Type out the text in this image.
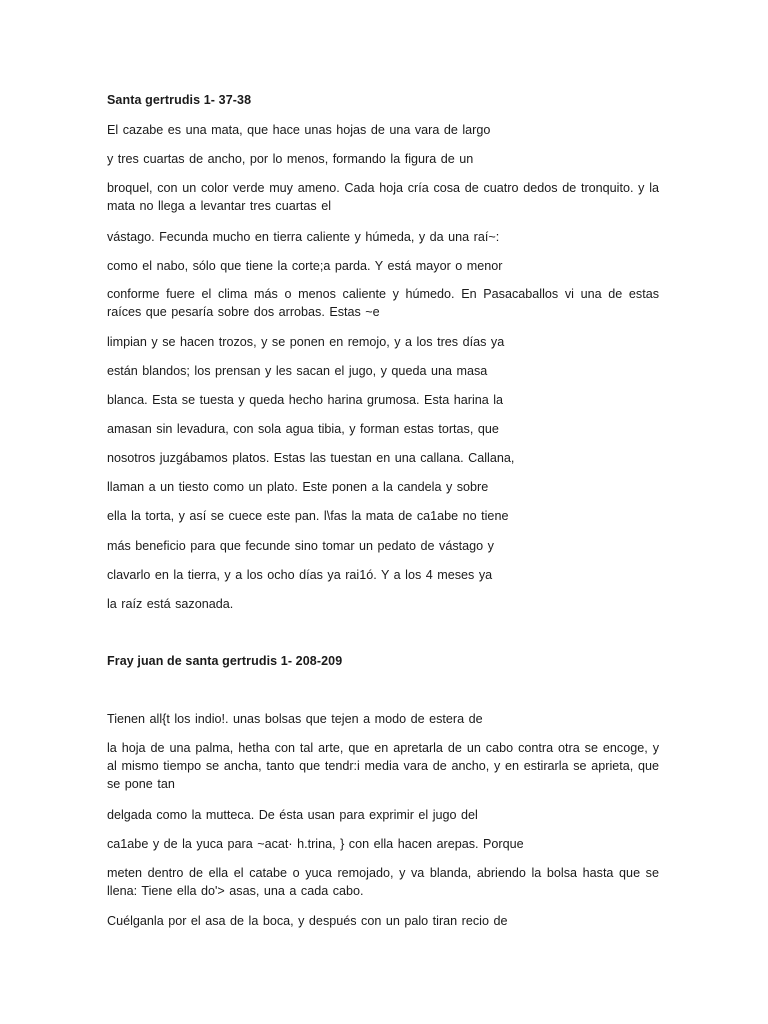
Santa gertrudis 1- 37-38
El cazabe es una mata, que hace unas hojas de una vara de largo
y tres cuartas de ancho, por lo menos, formando la figura de un
broquel, con un color verde muy ameno. Cada hoja cría cosa de cuatro dedos de tronquito. y la mata no llega a levantar tres cuartas el
vástago. Fecunda mucho en tierra caliente y húmeda, y da una raí~:
como el nabo, sólo que tiene la corte;a parda. Y está mayor o menor
conforme fuere el clima más o menos caliente y húmedo. En Pasacaballos vi una de estas raíces que pesaría sobre dos arrobas. Estas ~e
limpian y se hacen trozos, y se ponen en remojo, y a los tres días ya
están blandos; los prensan y les sacan el jugo, y queda una masa
blanca. Esta se tuesta y queda hecho harina grumosa. Esta harina la
amasan sin levadura, con sola agua tibia, y forman estas tortas, que
nosotros juzgábamos platos. Estas las tuestan en una callana. Callana,
llaman a un tiesto como un plato. Este ponen a la candela y sobre
ella la torta, y así se cuece este pan. l\fas la mata de ca1abe no tiene
más beneficio para que fecunde sino tomar un pedato de vástago y
clavarlo en la tierra, y a los ocho días ya rai1ó. Y a los 4 meses ya
la raíz está sazonada.
Fray juan de santa gertrudis 1- 208-209
Tienen all{t los indio!. unas bolsas que tejen a modo de estera de
la hoja de una palma, hetha con tal arte, que en apretarla de un cabo contra otra se encoge, y al mismo tiempo se ancha, tanto que tendr:i media vara de ancho, y en estirarla se aprieta, que se pone tan
delgada como la mutteca. De ésta usan para exprimir el jugo del
ca1abe y de la yuca para ~acat· h.trina, } con ella hacen arepas. Porque
meten dentro de ella el catabe o yuca remojado, y va blanda, abriendo la bolsa hasta que se llena: Tiene ella do'> asas, una a cada cabo.
Cuélganla por el asa de la boca, y después con un palo tiran recio de
